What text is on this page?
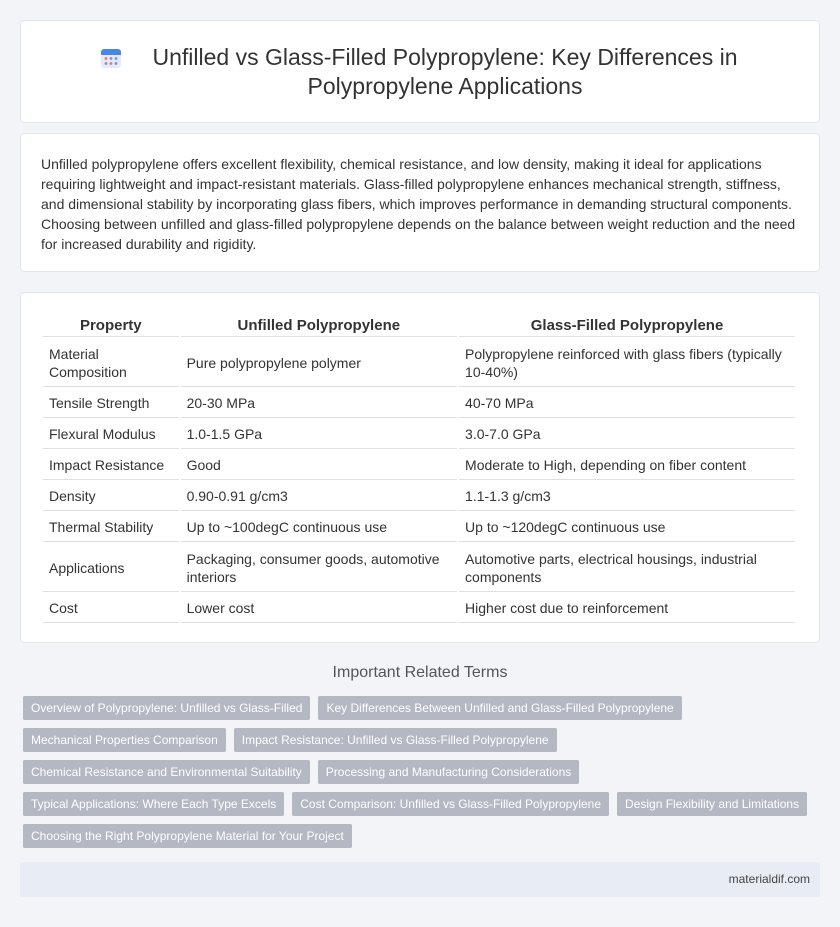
Unfilled vs Glass-Filled Polypropylene: Key Differences in Polypropylene Applications

Unfilled polypropylene offers excellent flexibility, chemical resistance, and low density, making it ideal for applications requiring lightweight and impact-resistant materials. Glass-filled polypropylene enhances mechanical strength, stiffness, and dimensional stability by incorporating glass fibers, which improves performance in demanding structural components. Choosing between unfilled and glass-filled polypropylene depends on the balance between weight reduction and the need for increased durability and rigidity.

Property	Unfilled Polypropylene	Glass-Filled Polypropylene
Material Composition	Pure polypropylene polymer	Polypropylene reinforced with glass fibers (typically 10-40%)
Tensile Strength	20-30 MPa	40-70 MPa
Flexural Modulus	1.0-1.5 GPa	3.0-7.0 GPa
Impact Resistance	Good	Moderate to High, depending on fiber content
Density	0.90-0.91 g/cm3	1.1-1.3 g/cm3
Thermal Stability	Up to ~100degC continuous use	Up to ~120degC continuous use
Applications	Packaging, consumer goods, automotive interiors	Automotive parts, electrical housings, industrial components
Cost	Lower cost	Higher cost due to reinforcement
Important Related Terms
Overview of Polypropylene: Unfilled vs Glass-Filled	Key Differences Between Unfilled and Glass-Filled Polypropylene
Mechanical Properties Comparison	Impact Resistance: Unfilled vs Glass-Filled Polypropylene
Chemical Resistance and Environmental Suitability	Processing and Manufacturing Considerations
Typical Applications: Where Each Type Excels	Cost Comparison: Unfilled vs Glass-Filled Polypropylene	Design Flexibility and Limitations
Choosing the Right Polypropylene Material for Your Project
materialdif.com
